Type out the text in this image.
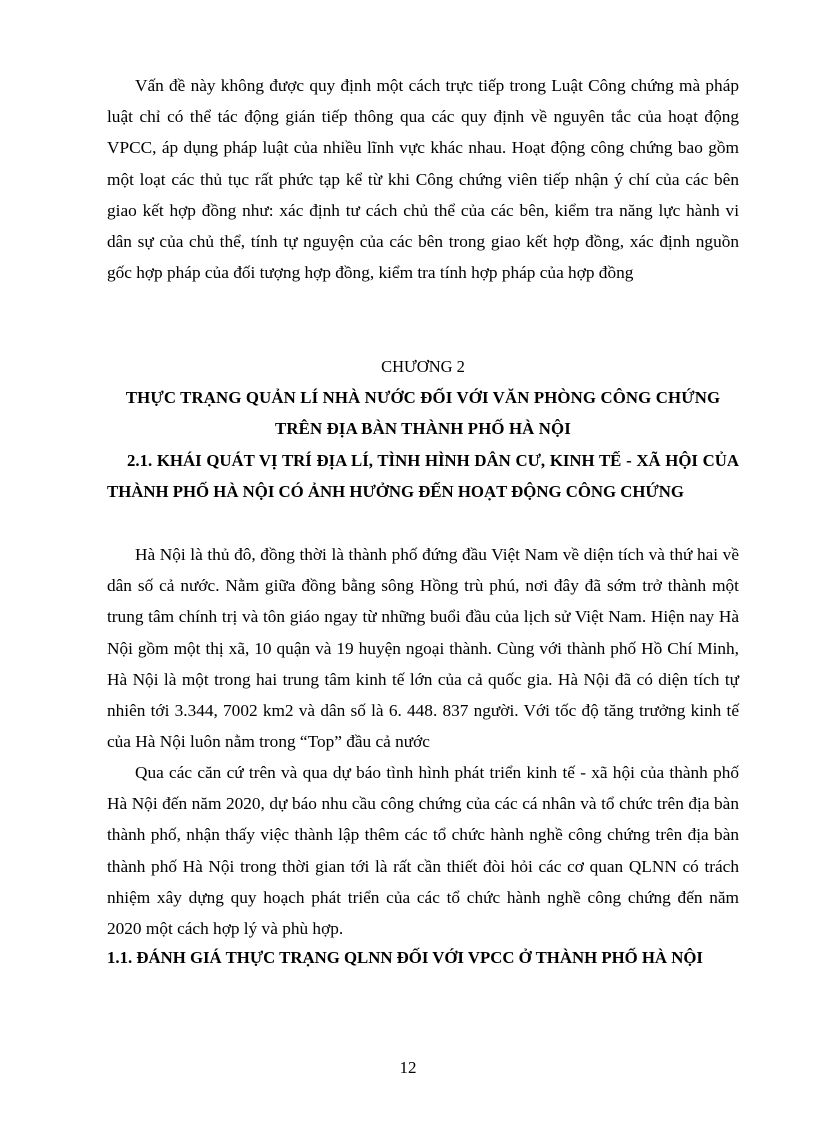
Vấn đề này không được quy định một cách trực tiếp trong Luật Công chứng mà pháp luật chỉ có thể tác động gián tiếp thông qua các quy định về nguyên tắc của hoạt động VPCC, áp dụng pháp luật của nhiều lĩnh vực khác nhau. Hoạt động công chứng bao gồm một loạt các thủ tục rất phức tạp kể từ khi Công chứng viên tiếp nhận ý chí của các bên giao kết hợp đồng như: xác định tư cách chủ thể của các bên, kiểm tra năng lực hành vi dân sự của chủ thể, tính tự nguyện của các bên trong giao kết hợp đồng, xác định nguồn gốc hợp pháp của đối tượng hợp đồng, kiểm tra tính hợp pháp của hợp đồng

CHƯƠNG 2

THỰC TRẠNG QUẢN LÍ NHÀ NƯỚC ĐỐI VỚI VĂN PHÒNG CÔNG CHỨNG

TRÊN ĐỊA BÀN THÀNH PHỐ HÀ NỘI

2.1. KHÁI QUÁT VỊ TRÍ ĐỊA LÍ, TÌNH HÌNH DÂN CƯ, KINH TẾ - XÃ HỘI CỦA THÀNH PHỐ HÀ NỘI CÓ ẢNH HƯỞNG ĐẾN HOẠT ĐỘNG CÔNG CHỨNG

Hà Nội là thủ đô, đồng thời là thành phố đứng đầu Việt Nam về diện tích và thứ hai về dân số cả nước. Nằm giữa đồng bằng sông Hồng trù phú, nơi đây đã sớm trở thành một trung tâm chính trị và tôn giáo ngay từ những buổi đầu của lịch sử Việt Nam. Hiện nay Hà Nội gồm một thị xã, 10 quận và 19 huyện ngoại thành. Cùng với thành phố Hồ Chí Minh, Hà Nội là một trong hai trung tâm kinh tế lớn của cả quốc gia. Hà Nội đã có diện tích tự nhiên tới 3.344, 7002 km2 và dân số là 6. 448. 837 người. Với tốc độ tăng trưởng kinh tế của Hà Nội luôn nằm trong “Top” đầu cả nước

Qua các căn cứ trên và qua dự báo tình hình phát triển kinh tế - xã hội của thành phố Hà Nội đến năm 2020, dự báo nhu cầu công chứng của các cá nhân và tổ chức trên địa bàn thành phố, nhận thấy việc thành lập thêm các tổ chức hành nghề công chứng trên địa bàn thành phố Hà Nội trong thời gian tới là rất cần thiết đòi hỏi các cơ quan QLNN có trách nhiệm xây dựng quy hoạch phát triển của các tổ chức hành nghề công chứng đến năm 2020 một cách hợp lý và phù hợp.

1.1. ĐÁNH GIÁ THỰC TRẠNG QLNN ĐỐI VỚI VPCC Ở THÀNH PHỐ HÀ NỘI

12
